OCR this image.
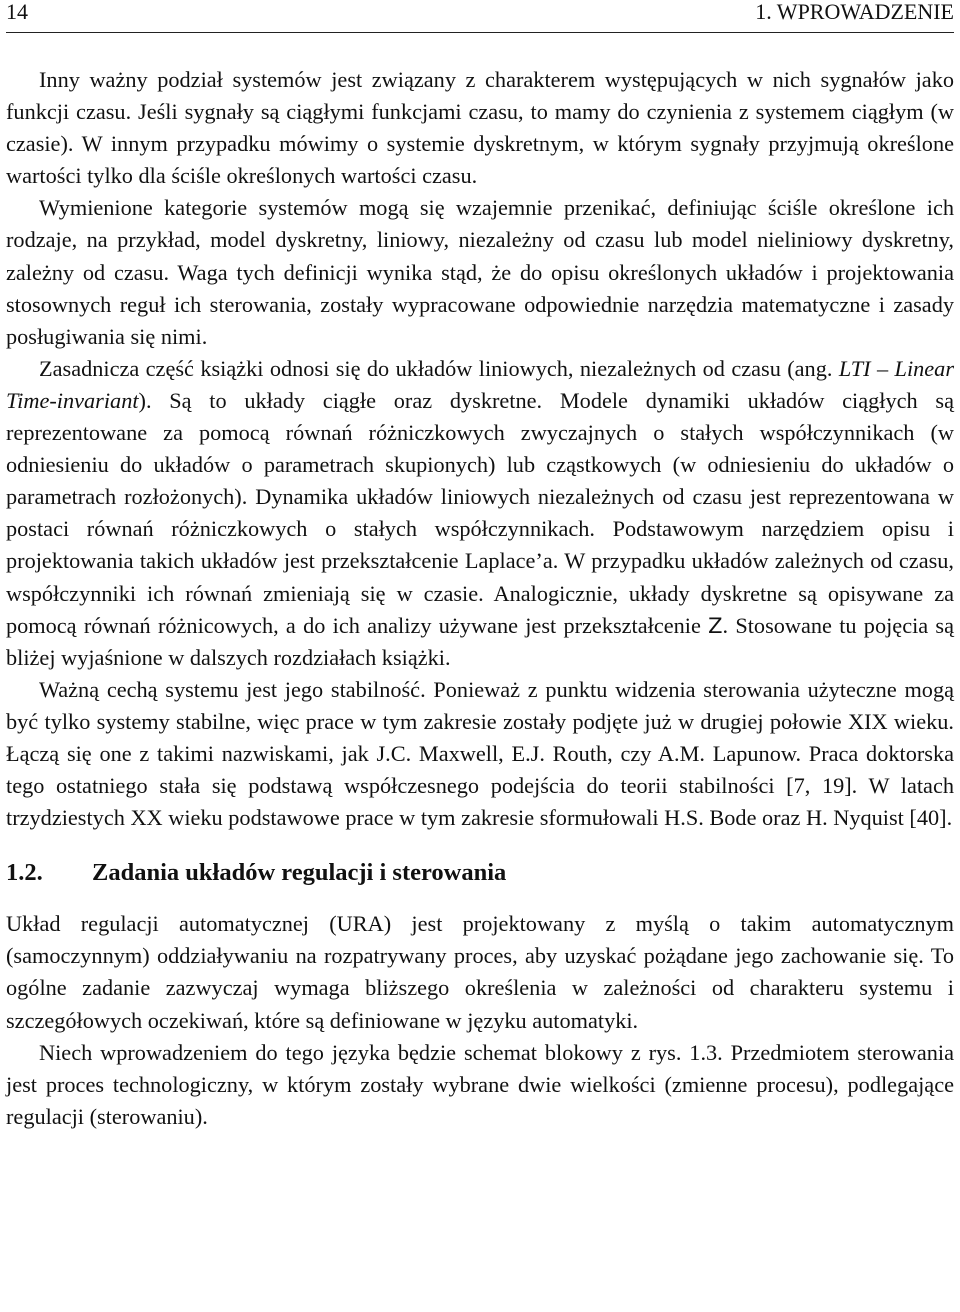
14	1. WPROWADZENIE

Inny ważny podział systemów jest związany z charakterem występujących w nich sygnałów jako funkcji czasu. Jeśli sygnały są ciągłymi funkcjami czasu, to mamy do czynienia z systemem ciągłym (w czasie). W innym przypadku mówimy o systemie dyskretnym, w którym sygnały przyjmują określone wartości tylko dla ściśle określonych wartości czasu.

Wymienione kategorie systemów mogą się wzajemnie przenikać, definiując ściśle określone ich rodzaje, na przykład, model dyskretny, liniowy, niezależny od czasu lub model nieliniowy dyskretny, zależny od czasu. Waga tych definicji wynika stąd, że do opisu określonych układów i projektowania stosownych reguł ich sterowania, zostały wypracowane odpowiednie narzędzia matematyczne i zasady posługiwania się nimi.

Zasadnicza część książki odnosi się do układów liniowych, niezależnych od czasu (ang. LTI – Linear Time-invariant). Są to układy ciągłe oraz dyskretne. Modele dynamiki układów ciągłych są reprezentowane za pomocą równań różniczkowych zwyczajnych o stałych współczynnikach (w odniesieniu do układów o parametrach skupionych) lub cząstkowych (w odniesieniu do układów o parametrach rozłożonych). Dynamika układów liniowych niezależnych od czasu jest reprezentowana w postaci równań różniczkowych o stałych współczynnikach. Podstawowym narzędziem opisu i projektowania takich układów jest przekształcenie Laplace’a. W przypadku układów zależnych od czasu, współczynniki ich równań zmieniają się w czasie. Analogicznie, układy dyskretne są opisywane za pomocą równań różnicowych, a do ich analizy używane jest przekształcenie Z. Stosowane tu pojęcia są bliżej wyjaśnione w dalszych rozdziałach książki.

Ważną cechą systemu jest jego stabilność. Ponieważ z punktu widzenia sterowania użyteczne mogą być tylko systemy stabilne, więc prace w tym zakresie zostały podjęte już w drugiej połowie XIX wieku. Łączą się one z takimi nazwiskami, jak J.C. Maxwell, E.J. Routh, czy A.M. Lapunow. Praca doktorska tego ostatniego stała się podstawą współczesnego podejścia do teorii stabilności [7, 19]. W latach trzydziestych XX wieku podstawowe prace w tym zakresie sformułowali H.S. Bode oraz H. Nyquist [40].

1.2.	Zadania układów regulacji i sterowania

Układ regulacji automatycznej (URA) jest projektowany z myślą o takim automatycznym (samoczynnym) oddziaływaniu na rozpatrywany proces, aby uzyskać pożądane jego zachowanie się. To ogólne zadanie zazwyczaj wymaga bliższego określenia w zależności od charakteru systemu i szczegółowych oczekiwań, które są definiowane w języku automatyki.

Niech wprowadzeniem do tego języka będzie schemat blokowy z rys. 1.3. Przedmiotem sterowania jest proces technologiczny, w którym zostały wybrane dwie wielkości (zmienne procesu), podlegające regulacji (sterowaniu).
